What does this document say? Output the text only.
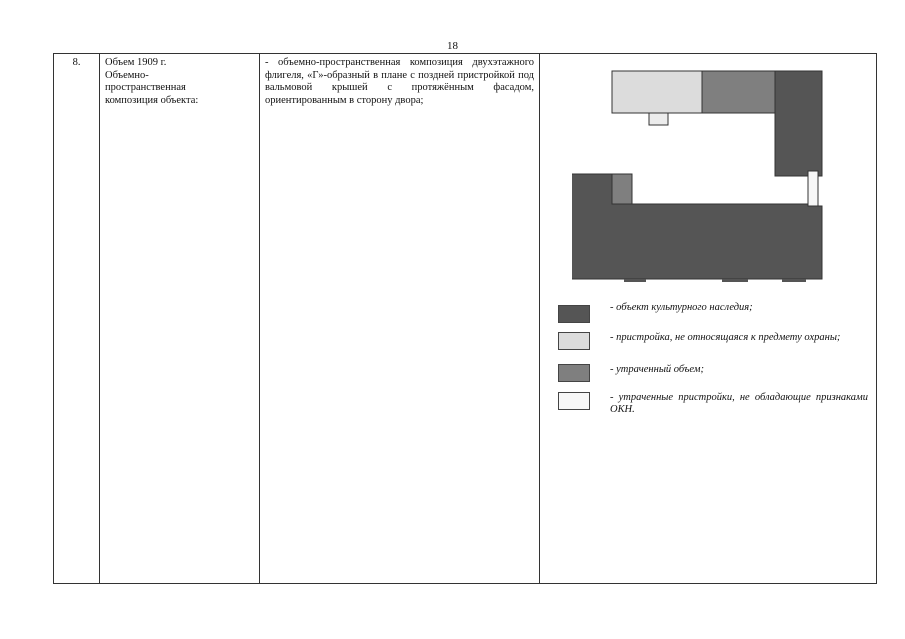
18
8.	Объем 1909 г.
Объемно-
пространственная
композиция объекта:
	- объемно-пространственная композиция двухэтажного флигеля, «Г»-образный в плане с поздней пристройкой под вальмовой крышей с протяжённым фасадом, ориентированным в сторону двора;	
- объект культурного наследия;
- пристройка, не относящаяся к предмету охраны;
- утраченный объем;
- утраченные пристройки, не обладающие признаками ОКН.
